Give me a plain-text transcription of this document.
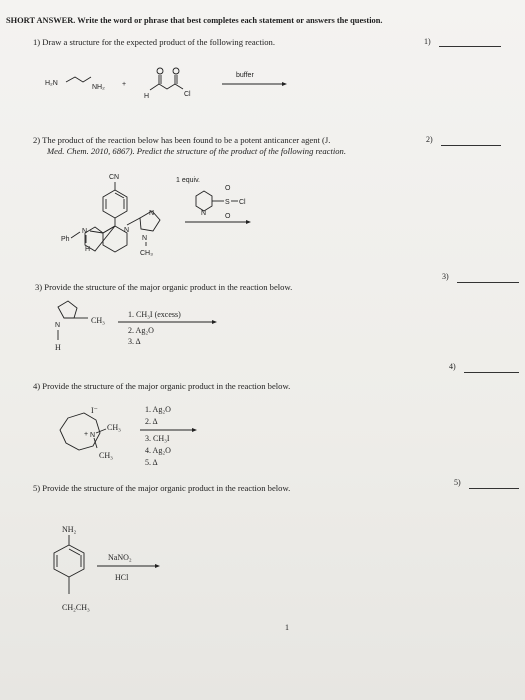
SHORT ANSWER. Write the word or phrase that best completes each statement or answers the question.
1) Draw a structure for the expected product of the following reaction.	1)
H₂N
NH₂ +
H	Cl
buffer
2) The product of the reaction below has been found to be a potent anticancer agent (J.
Med. Chem. 2010, 6867). Predict the structure of the product of the following reaction.
2)
CN
Ph
N
H
N
N
N
CH₃
1 equiv.
N
S
O
O
Cl
3) Provide the structure of the major organic product in the reaction below.
3)
N
H
CH₃
1. CH₃I (excess)
2. Ag₂O
3. Δ
4) Provide the structure of the major organic product in the reaction below.
4)
I⁻
+ N
CH₃
CH₃
1. Ag₂O
2. Δ
3. CH₃I
4. Ag₂O
5. Δ
5) Provide the structure of the major organic product in the reaction below.
5)
NH₂
CH₂CH₃
NaNO₂
HCl
1
